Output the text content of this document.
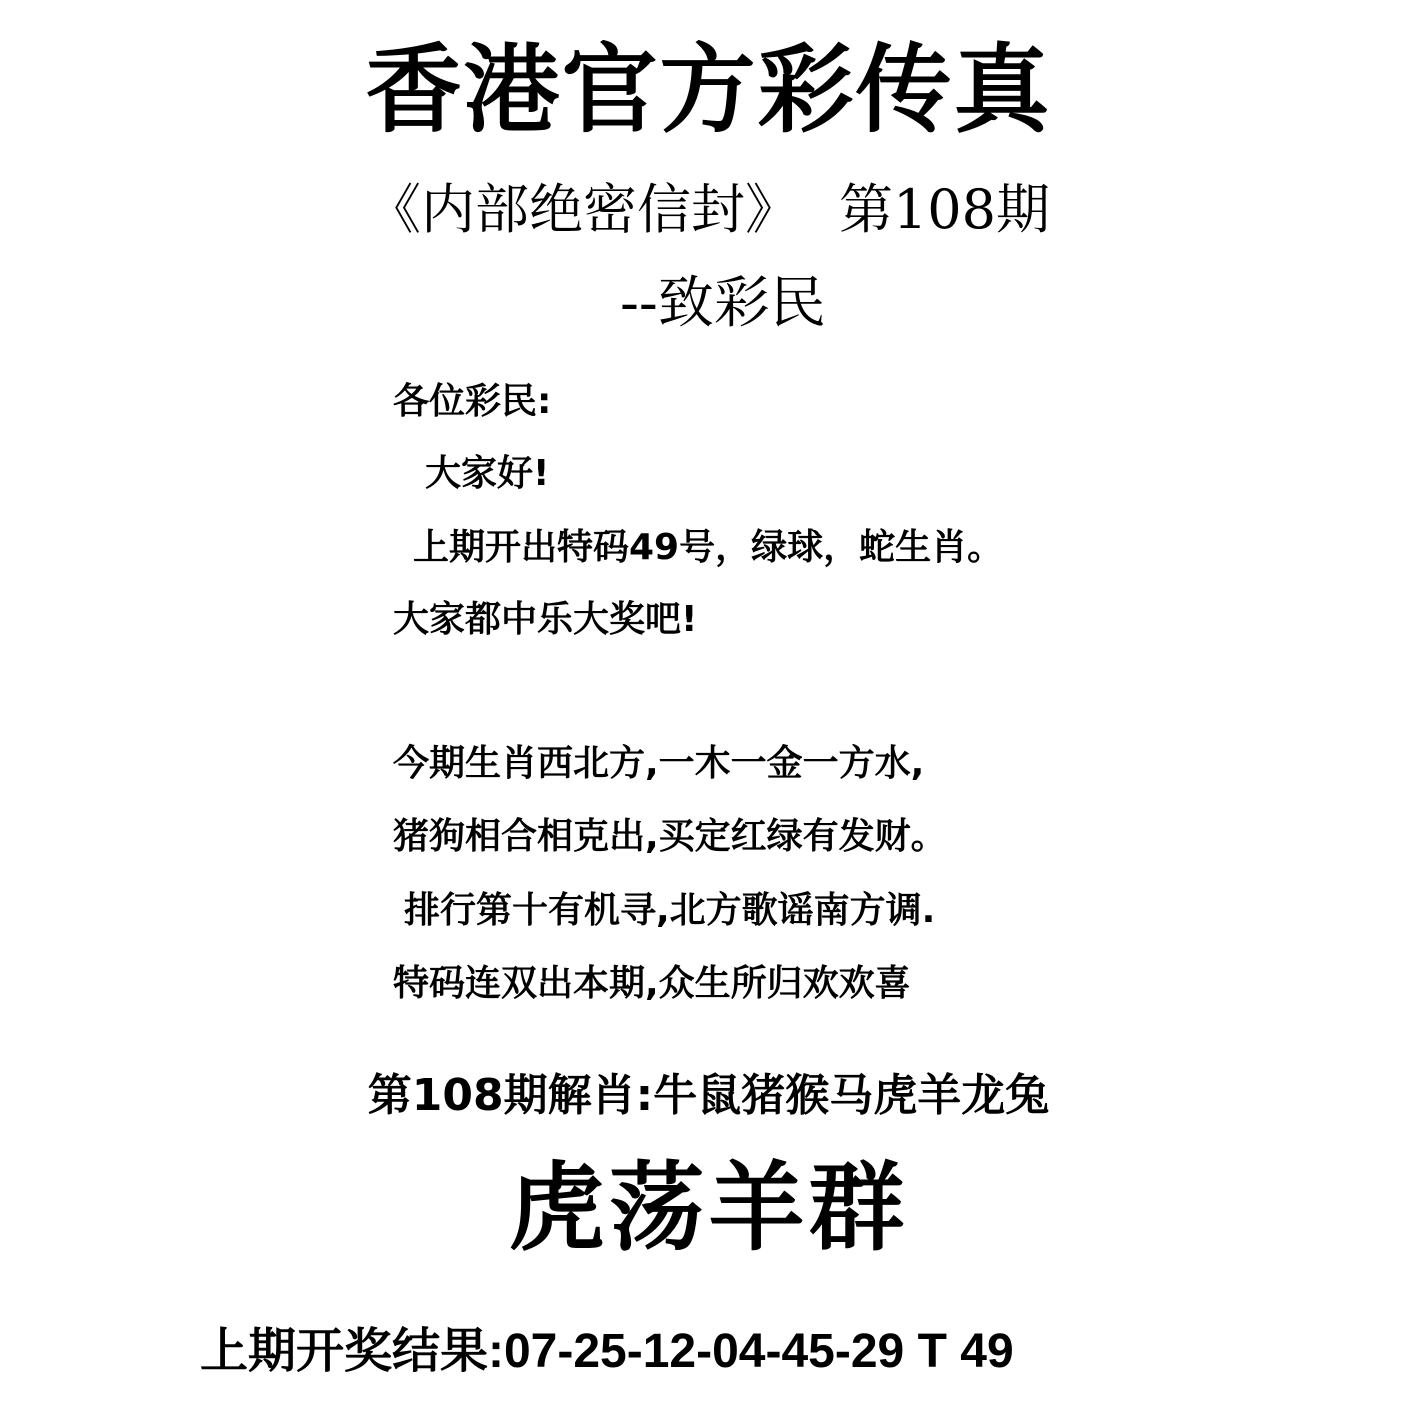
香港官方彩传真
《内部绝密信封》 第108期
--致彩民
各位彩民:
大家好!
上期开出特码49号，绿球，蛇生肖。
大家都中乐大奖吧!
今期生肖西北方,一木一金一方水,
猪狗相合相克出,买定红绿有发财。
排行第十有机寻,北方歌谣南方调.
特码连双出本期,众生所归欢欢喜
第108期解肖:牛鼠猪猴马虎羊龙兔
虎荡羊群
上期开奖结果:07-25-12-04-45-29 T 49
